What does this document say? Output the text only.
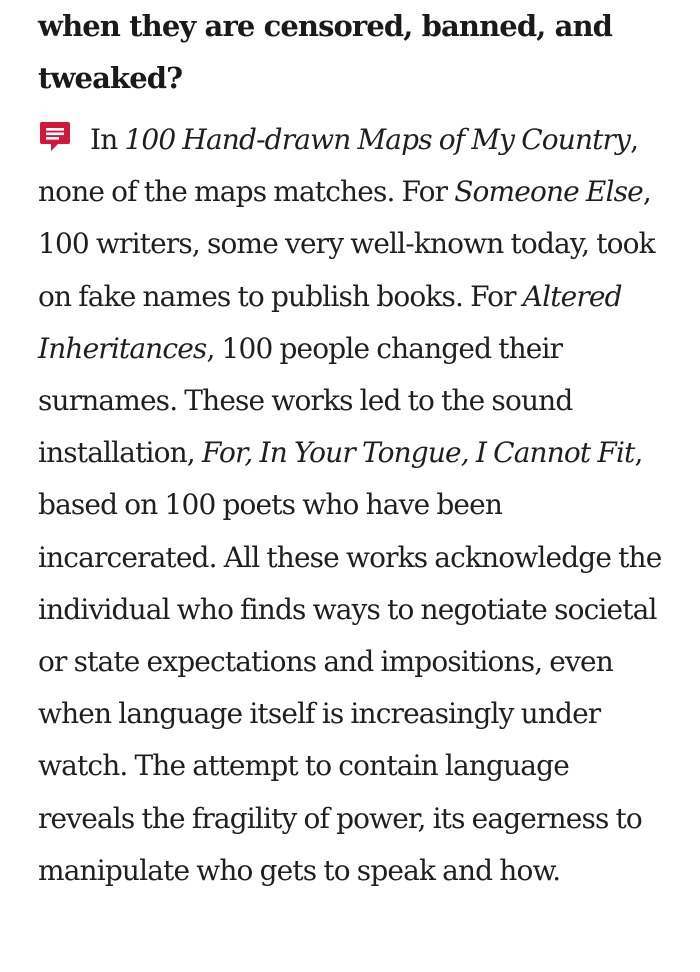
when they are censored, banned, and tweaked?

In 100 Hand-drawn Maps of My Country, none of the maps matches. For Someone Else, 100 writers, some very well-known today, took on fake names to publish books. For Altered Inheritances, 100 people changed their surnames. These works led to the sound installation, For, In Your Tongue, I Cannot Fit, based on 100 poets who have been incarcerated. All these works acknowledge the individual who finds ways to negotiate societal or state expectations and impositions, even when language itself is increasingly under watch. The attempt to contain language reveals the fragility of power, its eagerness to manipulate who gets to speak and how.
